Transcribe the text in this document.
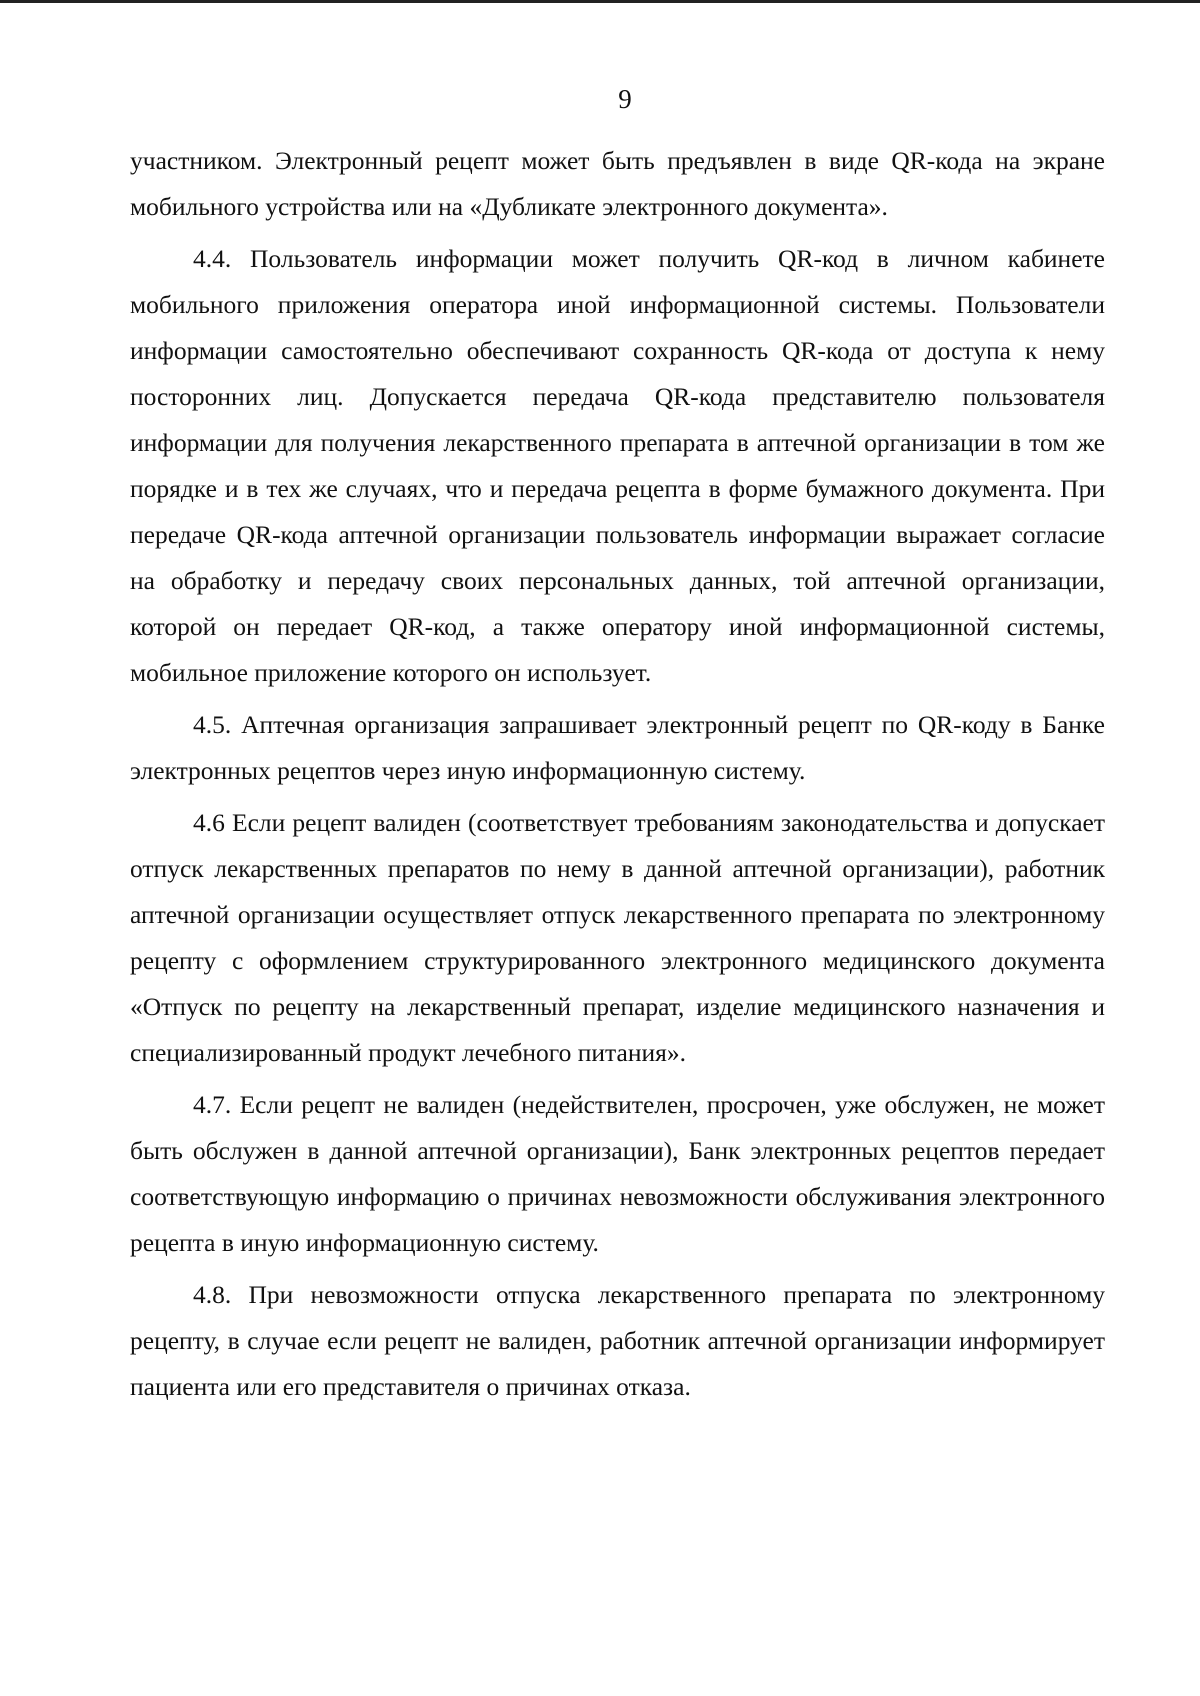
9

участником. Электронный рецепт может быть предъявлен в виде QR-кода на экране мобильного устройства или на «Дубликате электронного документа».

4.4. Пользователь информации может получить QR-код в личном кабинете мобильного приложения оператора иной информационной системы. Пользователи информации самостоятельно обеспечивают сохранность QR-кода от доступа к нему посторонних лиц. Допускается передача QR-кода представителю пользователя информации для получения лекарственного препарата в аптечной организации в том же порядке и в тех же случаях, что и передача рецепта в форме бумажного документа. При передаче QR-кода аптечной организации пользователь информации выражает согласие на обработку и передачу своих персональных данных, той аптечной организации, которой он передает QR-код, а также оператору иной информационной системы, мобильное приложение которого он использует.

4.5. Аптечная организация запрашивает электронный рецепт по QR-коду в Банке электронных рецептов через иную информационную систему.

4.6 Если рецепт валиден (соответствует требованиям законодательства и допускает отпуск лекарственных препаратов по нему в данной аптечной организации), работник аптечной организации осуществляет отпуск лекарственного препарата по электронному рецепту с оформлением структурированного электронного медицинского документа «Отпуск по рецепту на лекарственный препарат, изделие медицинского назначения и специализированный продукт лечебного питания».

4.7. Если рецепт не валиден (недействителен, просрочен, уже обслужен, не может быть обслужен в данной аптечной организации), Банк электронных рецептов передает соответствующую информацию о причинах невозможности обслуживания электронного рецепта в иную информационную систему.

4.8. При невозможности отпуска лекарственного препарата по электронному рецепту, в случае если рецепт не валиден, работник аптечной организации информирует пациента или его представителя о причинах отказа.
